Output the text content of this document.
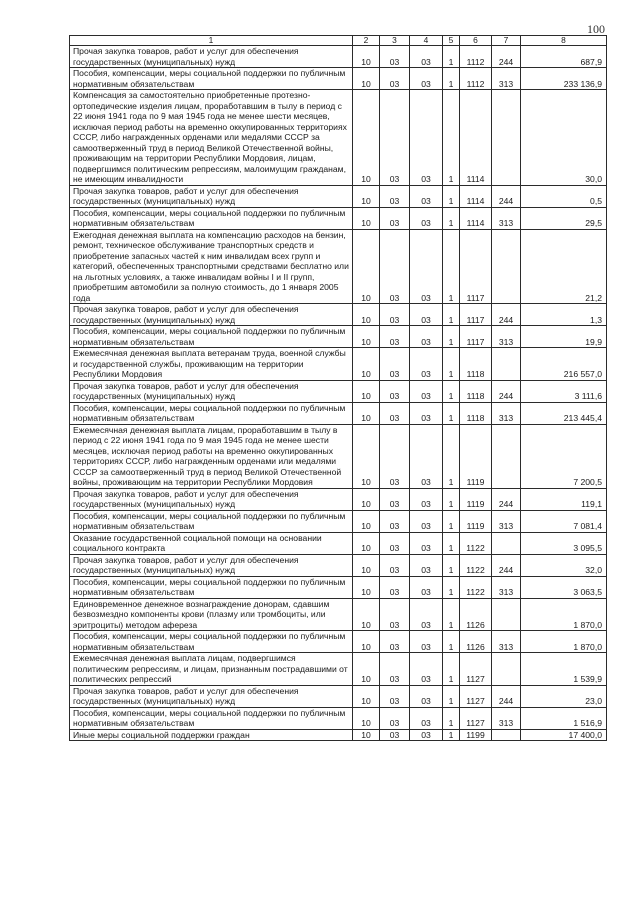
100
1	2	3	4	5	6	7	8
Прочая закупка товаров, работ и услуг для обеспечения государственных (муниципальных) нужд	10	03	03	1	1112	244	687,9
Пособия, компенсации, меры социальной поддержки по публичным нормативным обязательствам	10	03	03	1	1112	313	233 136,9
Компенсация за самостоятельно приобретенные протезно-ортопедические изделия лицам, проработавшим в тылу в период с 22 июня 1941 года по 9 мая 1945 года не менее шести месяцев, исключая период работы на временно оккупированных территориях СССР, либо награжденных орденами или медалями СССР за самоотверженный труд в период Великой Отечественной войны, проживающим на территории Республики Мордовия, лицам, подвергшимся политическим репрессиям, малоимущим гражданам, не имеющим инвалидности	10	03	03	1	1114		30,0
Прочая закупка товаров, работ и услуг для обеспечения государственных (муниципальных) нужд	10	03	03	1	1114	244	0,5
Пособия, компенсации, меры социальной поддержки по публичным нормативным обязательствам	10	03	03	1	1114	313	29,5
Ежегодная денежная выплата на компенсацию расходов на бензин, ремонт, техническое обслуживание транспортных средств и приобретение запасных частей к ним инвалидам всех групп и категорий, обеспеченных транспортными средствами бесплатно или на льготных условиях, а также инвалидам войны I и II групп, приобретшим автомобили за полную стоимость, до 1 января 2005 года	10	03	03	1	1117		21,2
Прочая закупка товаров, работ и услуг для обеспечения государственных (муниципальных) нужд	10	03	03	1	1117	244	1,3
Пособия, компенсации, меры социальной поддержки по публичным нормативным обязательствам	10	03	03	1	1117	313	19,9
Ежемесячная денежная выплата ветеранам труда, военной службы и государственной службы, проживающим на территории Республики Мордовия	10	03	03	1	1118		216 557,0
Прочая закупка товаров, работ и услуг для обеспечения государственных (муниципальных) нужд	10	03	03	1	1118	244	3 111,6
Пособия, компенсации, меры социальной поддержки по публичным нормативным обязательствам	10	03	03	1	1118	313	213 445,4
Ежемесячная денежная выплата лицам, проработавшим в тылу в период с 22 июня 1941 года по 9 мая 1945 года не менее шести месяцев, исключая период работы на временно оккупированных территориях СССР, либо награжденным орденами или медалями СССР за самоотверженный труд в период Великой Отечественной войны, проживающим на территории Республики Мордовия	10	03	03	1	1119		7 200,5
Прочая закупка товаров, работ и услуг для обеспечения государственных (муниципальных) нужд	10	03	03	1	1119	244	119,1
Пособия, компенсации, меры социальной поддержки по публичным нормативным обязательствам	10	03	03	1	1119	313	7 081,4
Оказание государственной социальной помощи на основании социального контракта	10	03	03	1	1122		3 095,5
Прочая закупка товаров, работ и услуг для обеспечения государственных (муниципальных) нужд	10	03	03	1	1122	244	32,0
Пособия, компенсации, меры социальной поддержки по публичным нормативным обязательствам	10	03	03	1	1122	313	3 063,5
Единовременное денежное вознаграждение донорам, сдавшим безвозмездно компоненты крови (плазму или тромбоциты, или эритроциты) методом афереза	10	03	03	1	1126		1 870,0
Пособия, компенсации, меры социальной поддержки по публичным нормативным обязательствам	10	03	03	1	1126	313	1 870,0
Ежемесячная денежная выплата лицам, подвергшимся политическим репрессиям, и лицам, признанным пострадавшими от политических репрессий	10	03	03	1	1127		1 539,9
Прочая закупка товаров, работ и услуг для обеспечения государственных (муниципальных) нужд	10	03	03	1	1127	244	23,0
Пособия, компенсации, меры социальной поддержки по публичным нормативным обязательствам	10	03	03	1	1127	313	1 516,9
Иные меры социальной поддержки граждан	10	03	03	1	1199		17 400,0
